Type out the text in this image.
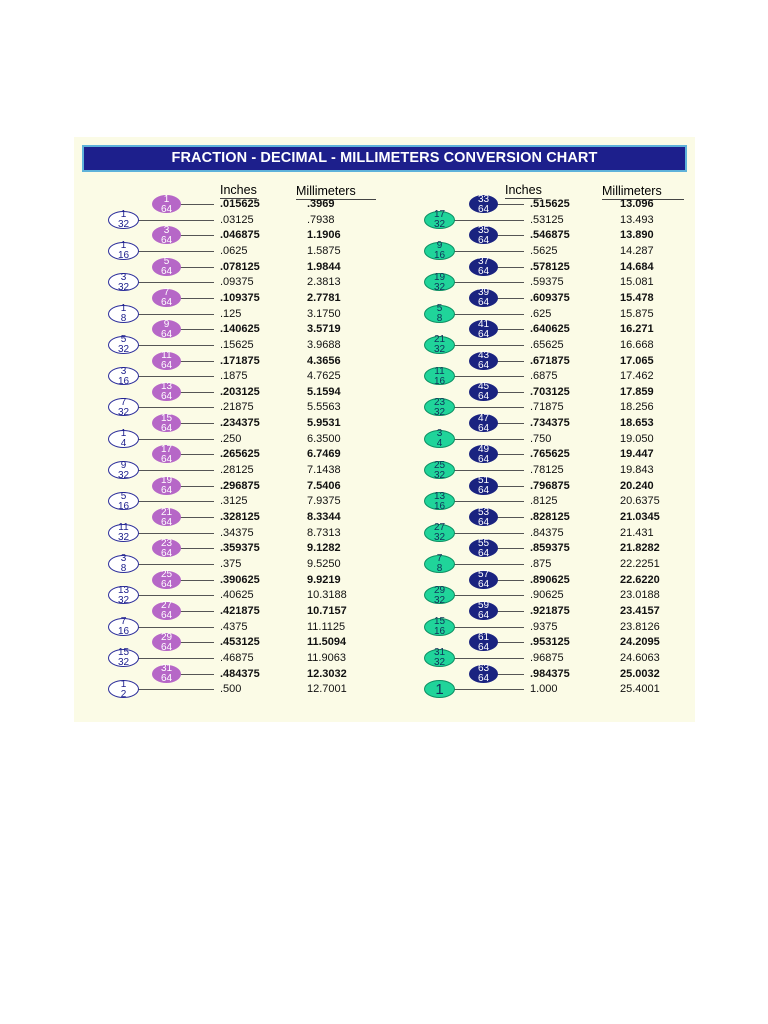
FRACTION - DECIMAL - MILLIMETERS CONVERSION CHART
Inches	Millimeters	Inches	Millimeters
1
64	.015625	.3969
1
32	.03125	.7938
3
64	.046875	1.1906
1
16	.0625	1.5875
5
64	.078125	1.9844
3
32	.09375	2.3813
7
64	.109375	2.7781
1
8	.125	3.1750
9
64	.140625	3.5719
5
32	.15625	3.9688
11
64	.171875	4.3656
3
16	.1875	4.7625
13
64	.203125	5.1594
7
32	.21875	5.5563
15
64	.234375	5.9531
1
4	.250	6.3500
17
64	.265625	6.7469
9
32	.28125	7.1438
19
64	.296875	7.5406
5
16	.3125	7.9375
21
64	.328125	8.3344
11
32	.34375	8.7313
23
64	.359375	9.1282
3
8	.375	9.5250
25
64	.390625	9.9219
13
32	.40625	10.3188
27
64	.421875	10.7157
7
16	.4375	11.1125
29
64	.453125	11.5094
15
32	.46875	11.9063
31
64	.484375	12.3032
1
2	.500	12.7001
33
64	.515625	13.096
17
32	.53125	13.493
35
64	.546875	13.890
9
16	.5625	14.287
37
64	.578125	14.684
19
32	.59375	15.081
39
64	.609375	15.478
5
8	.625	15.875
41
64	.640625	16.271
21
32	.65625	16.668
43
64	.671875	17.065
11
16	.6875	17.462
45
64	.703125	17.859
23
32	.71875	18.256
47
64	.734375	18.653
3
4	.750	19.050
49
64	.765625	19.447
25
32	.78125	19.843
51
64	.796875	20.240
13
16	.8125	20.6375
53
64	.828125	21.0345
27
32	.84375	21.431
55
64	.859375	21.8282
7
8	.875	22.2251
57
64	.890625	22.6220
29
32	.90625	23.0188
59
64	.921875	23.4157
15
16	.9375	23.8126
61
64	.953125	24.2095
31
32	.96875	24.6063
63
64	.984375	25.0032
1	1.000	25.4001
